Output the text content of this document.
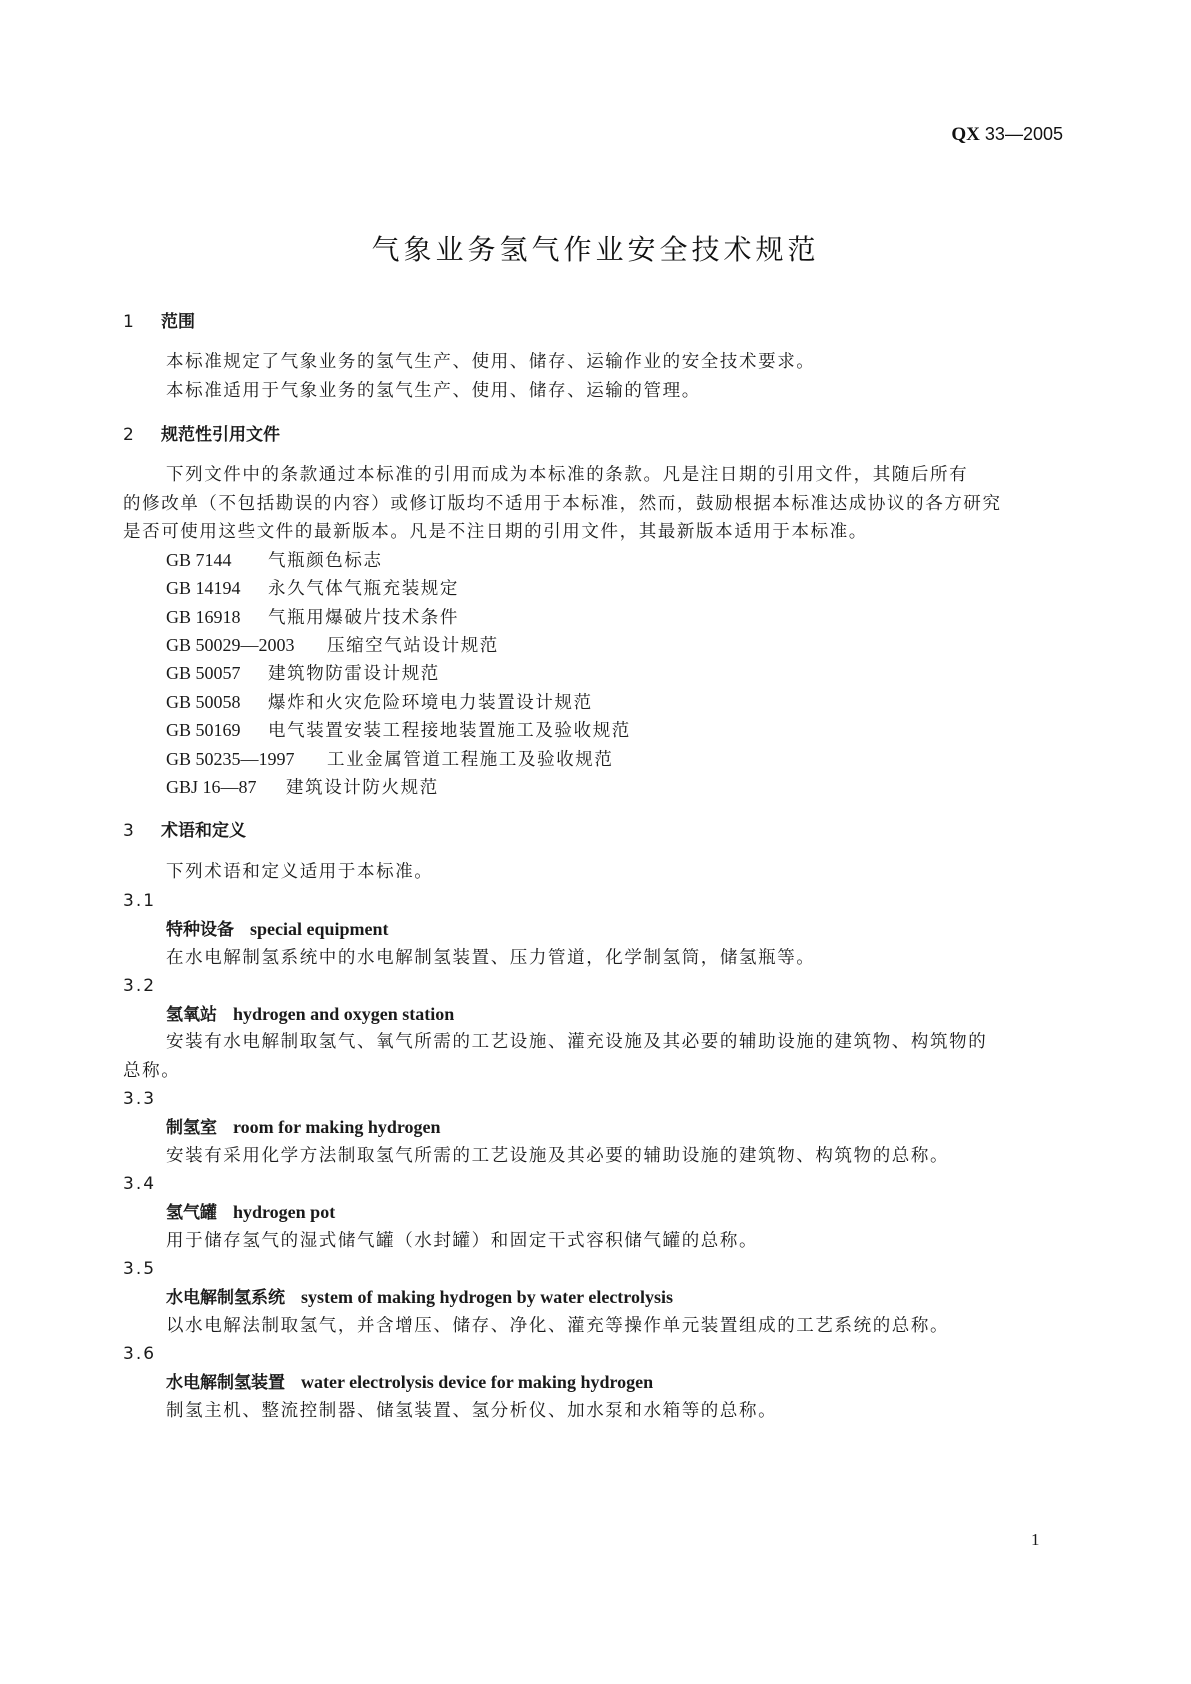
QX 33—2005
气象业务氢气作业安全技术规范
1 范围
本标准规定了气象业务的氢气生产、使用、储存、运输作业的安全技术要求。
本标准适用于气象业务的氢气生产、使用、储存、运输的管理。
2 规范性引用文件
下列文件中的条款通过本标准的引用而成为本标准的条款。凡是注日期的引用文件，其随后所有
的修改单（不包括勘误的内容）或修订版均不适用于本标准，然而，鼓励根据本标准达成协议的各方研究
是否可使用这些文件的最新版本。凡是不注日期的引用文件，其最新版本适用于本标准。
GB 7144 气瓶颜色标志
GB 14194 永久气体气瓶充装规定
GB 16918 气瓶用爆破片技术条件
GB 50029—2003 压缩空气站设计规范
GB 50057 建筑物防雷设计规范
GB 50058 爆炸和火灾危险环境电力装置设计规范
GB 50169 电气装置安装工程接地装置施工及验收规范
GB 50235—1997 工业金属管道工程施工及验收规范
GBJ 16—87 建筑设计防火规范
3 术语和定义
下列术语和定义适用于本标准。
3.1
特种设备 special equipment
在水电解制氢系统中的水电解制氢装置、压力管道，化学制氢筒，储氢瓶等。
3.2
氢氧站 hydrogen and oxygen station
安装有水电解制取氢气、氧气所需的工艺设施、灌充设施及其必要的辅助设施的建筑物、构筑物的
总称。
3.3
制氢室 room for making hydrogen
安装有采用化学方法制取氢气所需的工艺设施及其必要的辅助设施的建筑物、构筑物的总称。
3.4
氢气罐 hydrogen pot
用于储存氢气的湿式储气罐（水封罐）和固定干式容积储气罐的总称。
3.5
水电解制氢系统 system of making hydrogen by water electrolysis
以水电解法制取氢气，并含增压、储存、净化、灌充等操作单元装置组成的工艺系统的总称。
3.6
水电解制氢装置 water electrolysis device for making hydrogen
制氢主机、整流控制器、储氢装置、氢分析仪、加水泵和水箱等的总称。
1
